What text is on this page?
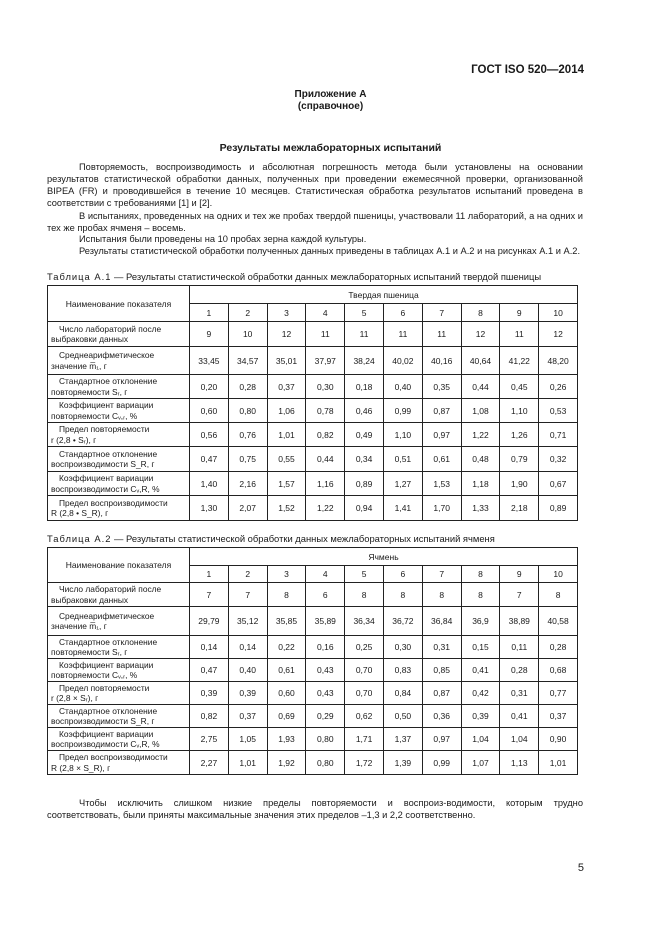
ГОСТ ISO 520—2014
Приложение А
(справочное)
Результаты межлабораторных испытаний
Повторяемость, воспроизводимость и абсолютная погрешность метода были установлены на основании результатов статистической обработки данных, полученных при проведении ежемесячной проверки, организованной BIPEA (FR) и проводившейся в течение 10 месяцев. Статистическая обработка результатов испытаний проведена в соответствии с требованиями [1] и [2].
В испытаниях, проведенных на одних и тех же пробах твердой пшеницы, участвовали 11 лабораторий, а на одних и тех же пробах ячменя – восемь.
Испытания были проведены на 10 пробах зерна каждой культуры.
Результаты статистической обработки полученных данных приведены в таблицах А.1 и А.2 и на рисунках А.1 и А.2.
Таблица А.1 — Результаты статистической обработки данных межлабораторных испытаний твердой пшеницы
Наименование показателя	Твердая пшеница									
	1	2	3	4	5	6	7	8	9	10

Число лабораторий после
выбраковки данных	9	10	12	11	11	11	11	12	11	12

Среднеарифметическое
значение m̅₁, г	33,45	34,57	35,01	37,97	38,24	40,02	40,16	40,64	41,22	48,20

Стандартное отклонение
повторяемости Sᵣ, г	0,20	0,28	0,37	0,30	0,18	0,40	0,35	0,44	0,45	0,26

Коэффициент вариации
повторяемости Cᵥ,ᵣ, %	0,60	0,80	1,06	0,78	0,46	0,99	0,87	1,08	1,10	0,53

Предел повторяемости
r (2,8 • Sᵣ), г	0,56	0,76	1,01	0,82	0,49	1,10	0,97	1,22	1,26	0,71

Стандартное отклонение
воспроизводимости S_R, г	0,47	0,75	0,55	0,44	0,34	0,51	0,61	0,48	0,79	0,32

Коэффициент вариации
воспроизводимости Cᵥ,R, %	1,40	2,16	1,57	1,16	0,89	1,27	1,53	1,18	1,90	0,67

Предел воспроизводимости
R (2,8 • S_R), г	1,30	2,07	1,52	1,22	0,94	1,41	1,70	1,33	2,18	0,89
Таблица А.2 — Результаты статистической обработки данных межлабораторных испытаний ячменя
Наименование показателя	Ячмень									
	1	2	3	4	5	6	7	8	9	10

Число лабораторий после
выбраковки данных	7	7	8	6	8	8	8	8	7	8

Среднеарифметическое
значение m̅₁, г	29,79	35,12	35,85	35,89	36,34	36,72	36,84	36,9	38,89	40,58

Стандартное отклонение
повторяемости Sᵣ, г	0,14	0,14	0,22	0,16	0,25	0,30	0,31	0,15	0,11	0,28

Коэффициент вариации
повторяемости Cᵥ,ᵣ, %	0,47	0,40	0,61	0,43	0,70	0,83	0,85	0,41	0,28	0,68

Предел повторяемости
r (2,8 × Sᵣ), г	0,39	0,39	0,60	0,43	0,70	0,84	0,87	0,42	0,31	0,77

Стандартное отклонение
воспроизводимости S_R, г	0,82	0,37	0,69	0,29	0,62	0,50	0,36	0,39	0,41	0,37

Коэффициент вариации
воспроизводимости Cᵥ,R, %	2,75	1,05	1,93	0,80	1,71	1,37	0,97	1,04	1,04	0,90

Предел воспроизводимости
R (2,8 × S_R), г	2,27	1,01	1,92	0,80	1,72	1,39	0,99	1,07	1,13	1,01
Чтобы исключить слишком низкие пределы повторяемости и воспроиз-водимости, которым трудно соответствовать, были приняты максимальные значения этих пределов –1,3 и 2,2 соответственно.
5
